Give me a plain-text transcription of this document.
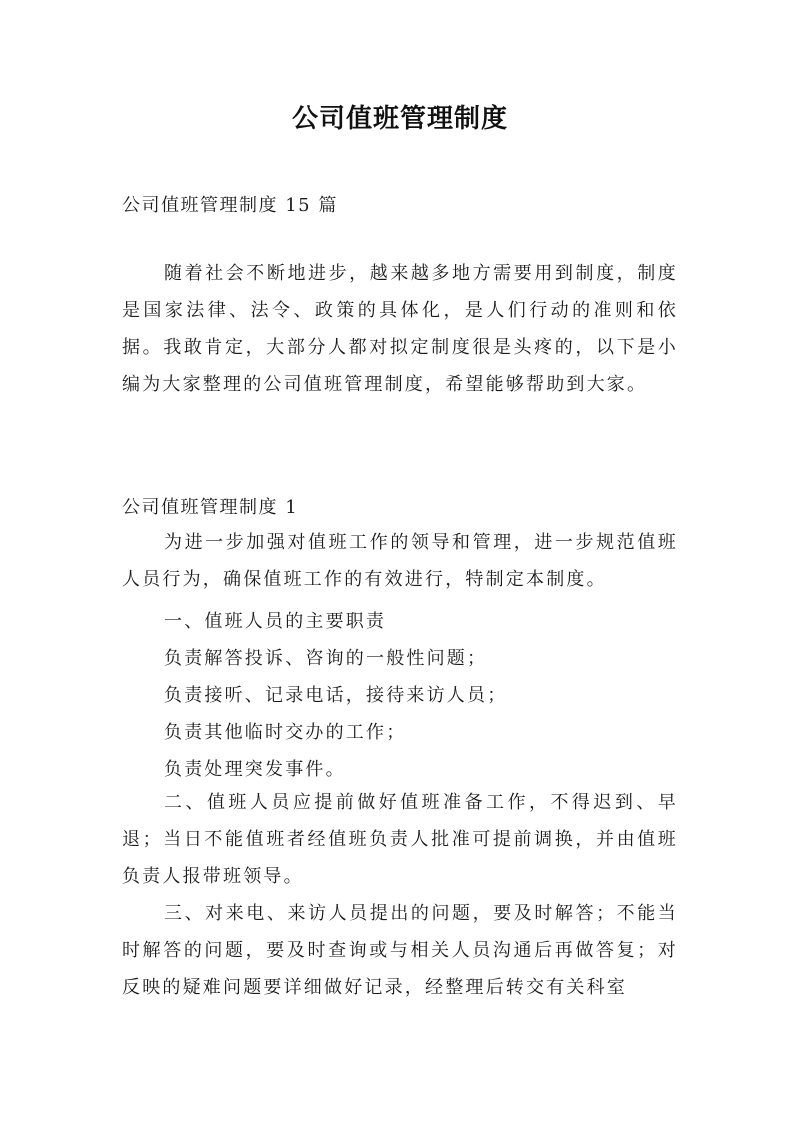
公司值班管理制度
公司值班管理制度 15 篇
随着社会不断地进步，越来越多地方需要用到制度，制度是国家法律、法令、政策的具体化，是人们行动的准则和依据。我敢肯定，大部分人都对拟定制度很是头疼的，以下是小编为大家整理的公司值班管理制度，希望能够帮助到大家。
公司值班管理制度 1
为进一步加强对值班工作的领导和管理，进一步规范值班人员行为，确保值班工作的有效进行，特制定本制度。
一、值班人员的主要职责
负责解答投诉、咨询的一般性问题；
负责接听、记录电话，接待来访人员；
负责其他临时交办的工作；
负责处理突发事件。
二、值班人员应提前做好值班准备工作，不得迟到、早退；当日不能值班者经值班负责人批准可提前调换，并由值班负责人报带班领导。
三、对来电、来访人员提出的问题，要及时解答；不能当时解答的问题，要及时查询或与相关人员沟通后再做答复；对反映的疑难问题要详细做好记录，经整理后转交有关科室
